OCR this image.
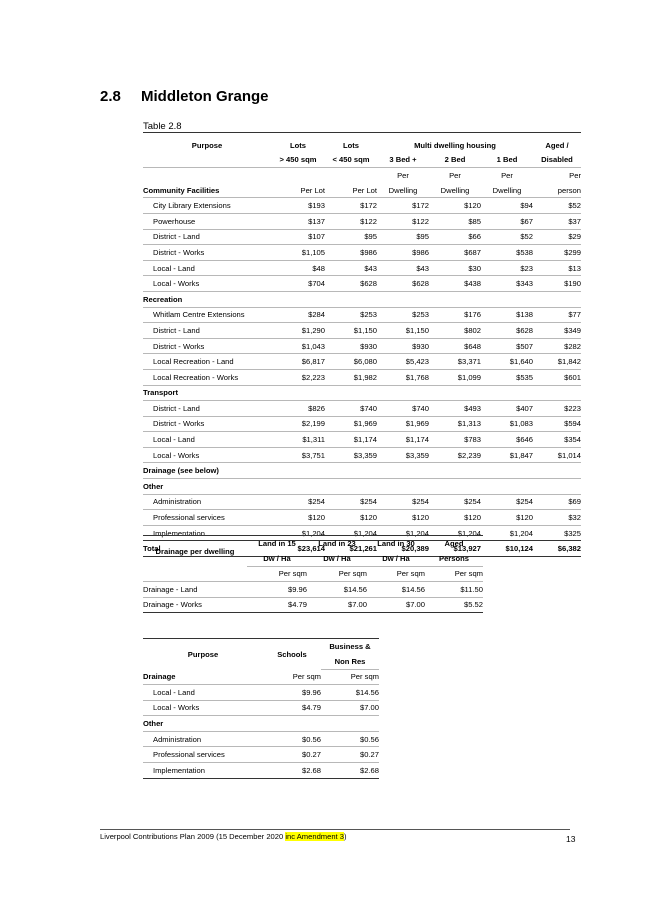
2.8 Middleton Grange
Table 2.8
Purpose	Lots	Lots	Multi dwelling housing			Aged /
	> 450 sqm	< 450 sqm	3 Bed +	2 Bed	1 Bed	Disabled
			Per	Per	Per	Per
Community Facilities	Per Lot	Per Lot	Dwelling	Dwelling	Dwelling	person
City Library Extensions	$193	$172	$172	$120	$94	$52
Powerhouse	$137	$122	$122	$85	$67	$37
District - Land	$107	$95	$95	$66	$52	$29
District - Works	$1,105	$986	$986	$687	$538	$299
Local - Land	$48	$43	$43	$30	$23	$13
Local - Works	$704	$628	$628	$438	$343	$190
Recreation						
Whitlam Centre Extensions	$284	$253	$253	$176	$138	$77
District - Land	$1,290	$1,150	$1,150	$802	$628	$349
District - Works	$1,043	$930	$930	$648	$507	$282
Local Recreation - Land	$6,817	$6,080	$5,423	$3,371	$1,640	$1,842
Local Recreation - Works	$2,223	$1,982	$1,768	$1,099	$535	$601
Transport						
District - Land	$826	$740	$740	$493	$407	$223
District - Works	$2,199	$1,969	$1,969	$1,313	$1,083	$594
Local - Land	$1,311	$1,174	$1,174	$783	$646	$354
Local - Works	$3,751	$3,359	$3,359	$2,239	$1,847	$1,014
Drainage (see below)						
Other						
Administration	$254	$254	$254	$254	$254	$69
Professional services	$120	$120	$120	$120	$120	$32
Implementation	$1,204	$1,204	$1,204	$1,204	$1,204	$325
Total	$23,614	$21,261	$20,389	$13,927	$10,124	$6,382
Drainage per dwelling	Land in 15	Land in 23	Land in 30	Aged
	Dw / Ha	Dw / Ha	Dw / Ha	Persons
	Per sqm	Per sqm	Per sqm	Per sqm
Drainage - Land	$9.96	$14.56	$14.56	$11.50
Drainage - Works	$4.79	$7.00	$7.00	$5.52
Purpose	Schools	Business &
		Non Res
Drainage	Per sqm	Per sqm
Local - Land	$9.96	$14.56
Local - Works	$4.79	$7.00
Other		
Administration	$0.56	$0.56
Professional services	$0.27	$0.27
Implementation	$2.68	$2.68
Liverpool Contributions Plan 2009 (15 December 2020 inc Amendment 3)	13
